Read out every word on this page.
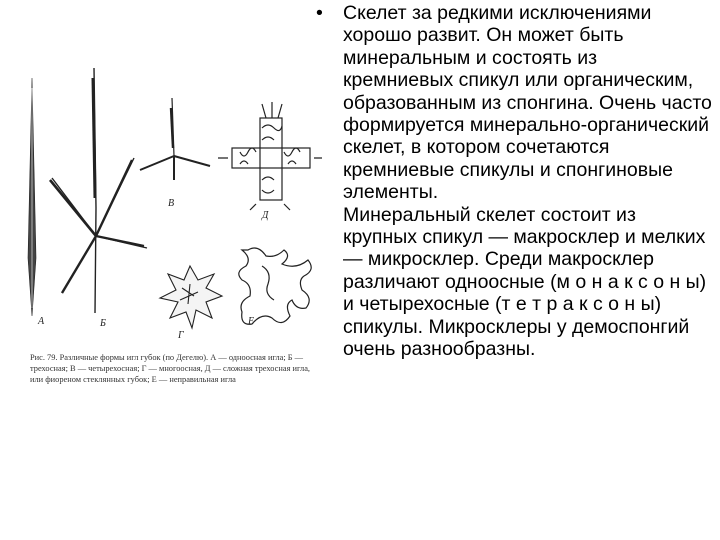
А	Б
В
Г
Д
Е
Рис. 79. Различные формы игл губок (по Дегелю). А — одноосная игла; Б — трехосная; В — четырехосная; Г — многоосная, Д — сложная трехосная игла, или фиореном стеклянных губок; Е — неправильная игла
• Скелет за редкими исключениями хорошо развит. Он может быть минеральным и состоять из кремниевых спикул или органическим, образованным из спонгина. Очень часто формируется минерально-органический скелет, в котором сочетаются кремниевые спикулы и спонгиновые элементы.

Минеральный скелет состоит из крупных спикул — макросклер и мелких — микросклер. Среди макросклер различают одноосные (м о н а к с о н ы) и четырехосные (т е т р а к с о н ы) спикулы. Микросклеры у демоспонгий очень разнообразны.
